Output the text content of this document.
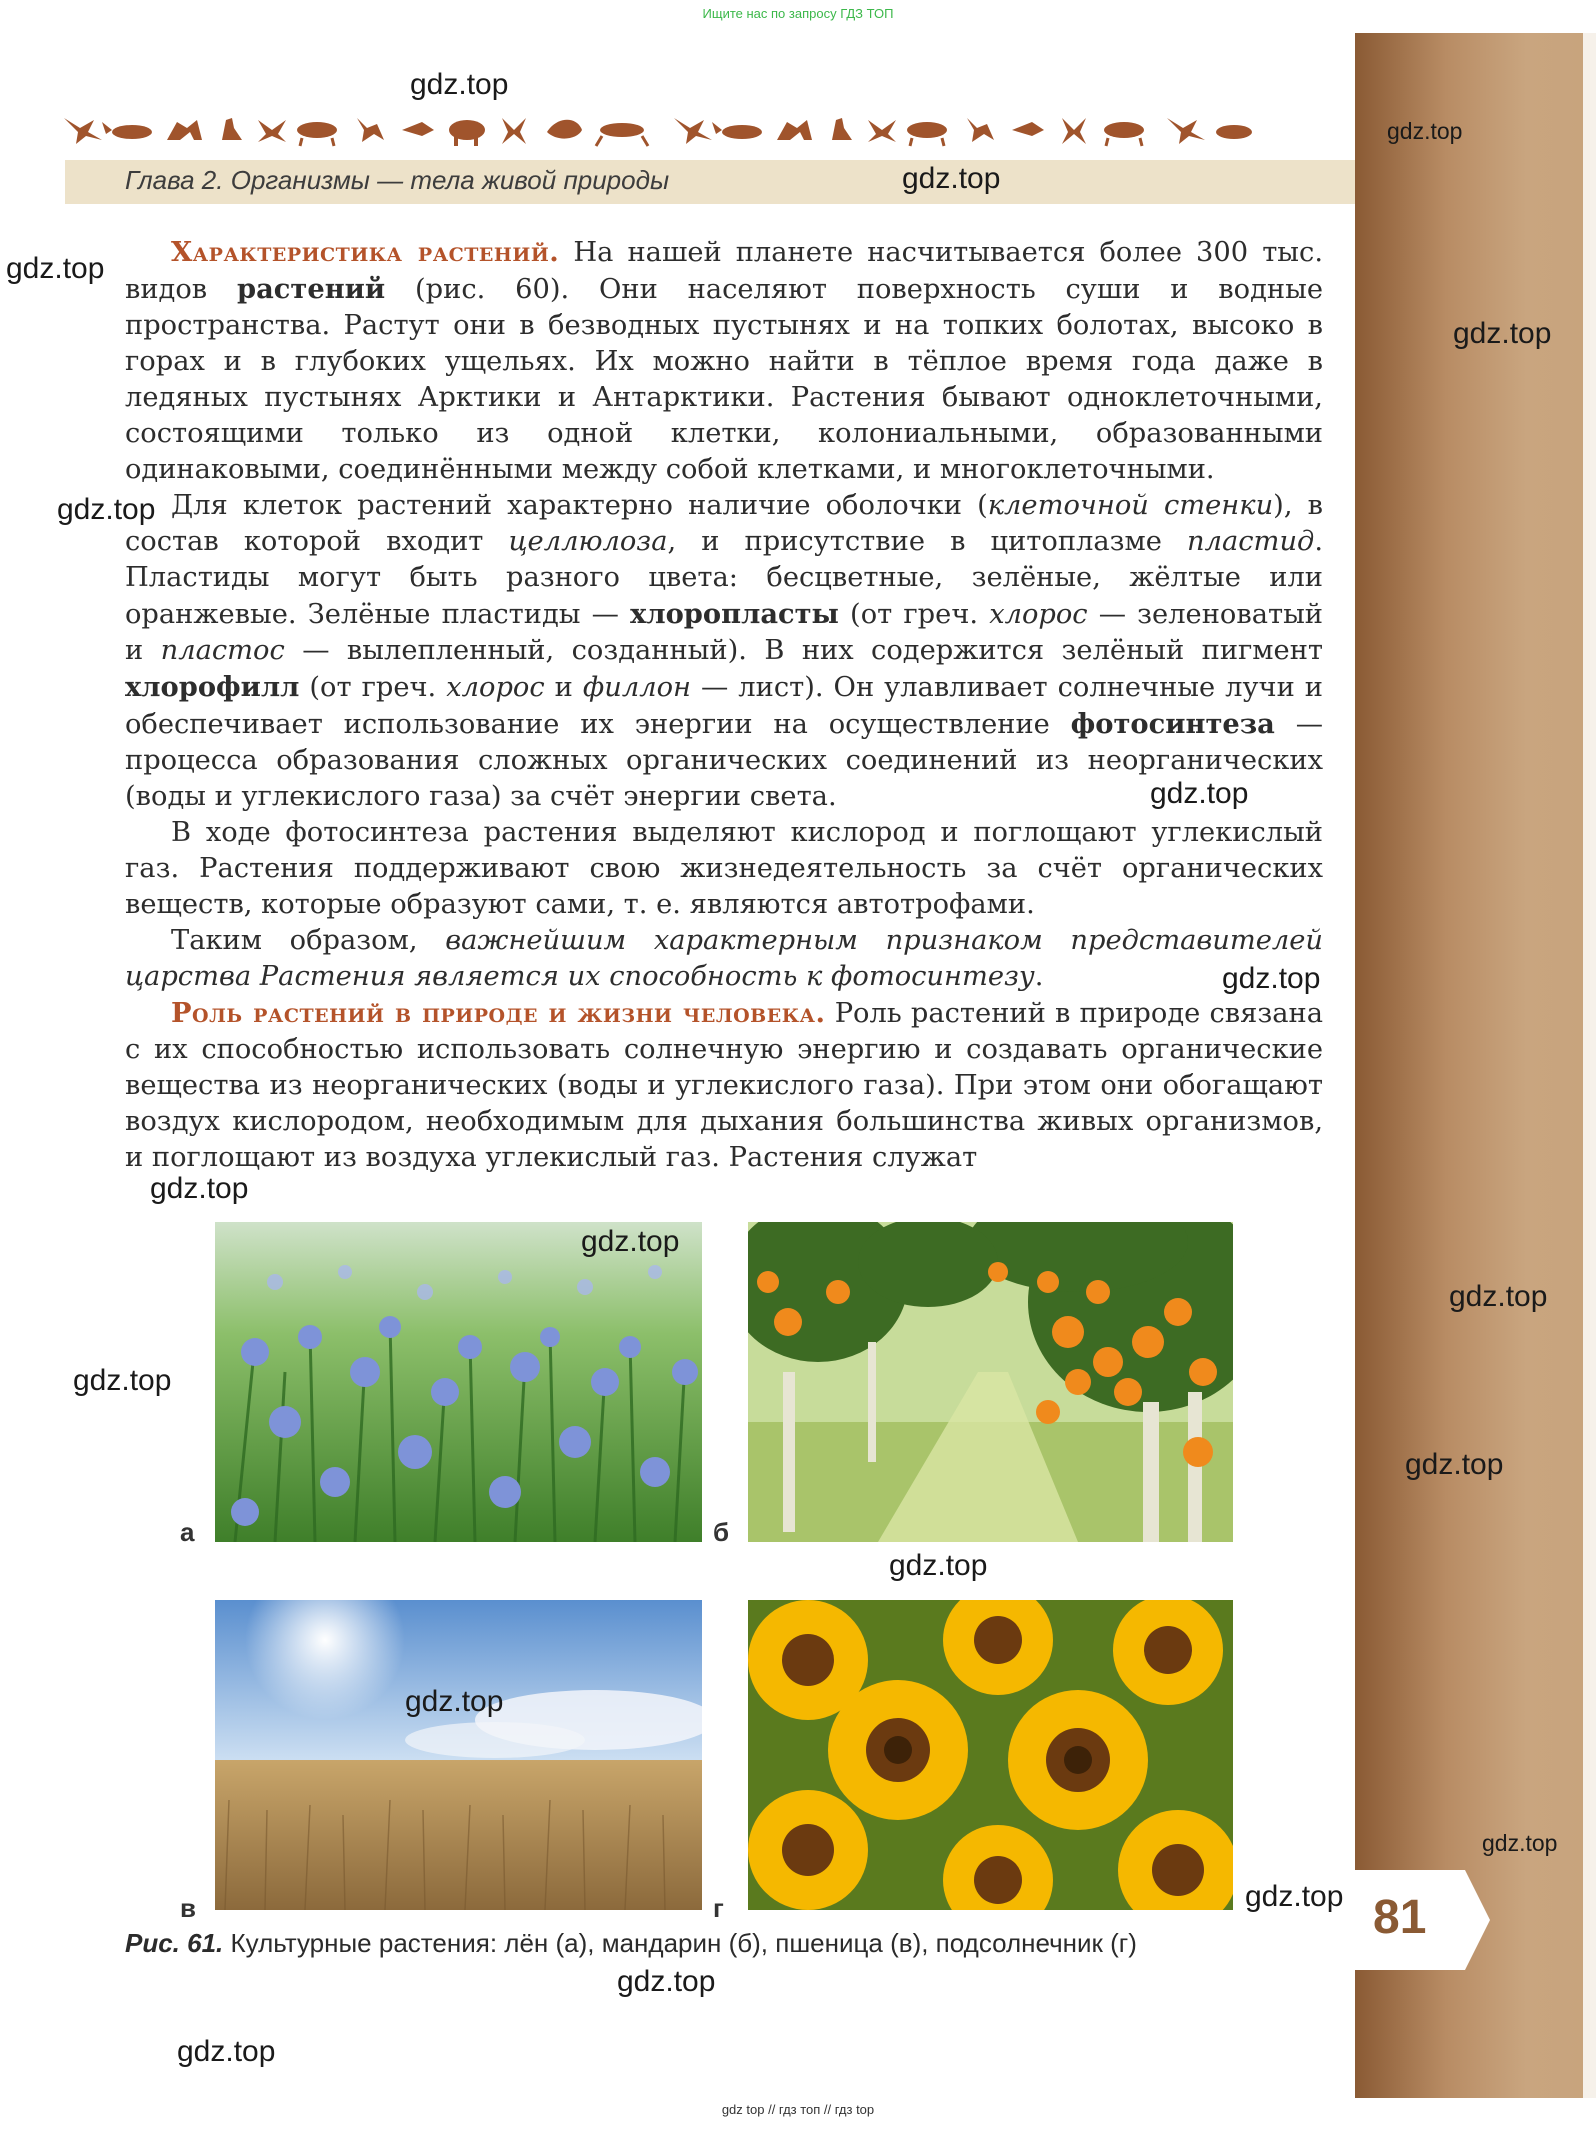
Ищите нас по запросу ГДЗ ТОП
Глава 2. Организмы — тела живой природы

Характеристика растений. На нашей планете насчитывается более 300 тыс. видов растений (рис. 60). Они населяют поверхность суши и водные пространства. Растут они в безводных пустынях и на топких болотах, высоко в горах и в глубоких ущельях. Их можно найти в тёплое время года даже в ледяных пустынях Арктики и Антарктики. Растения бывают одноклеточными, состоящими только из одной клетки, колониальными, образованными одинаковыми, соединёнными между собой клетками, и многоклеточными.

Для клеток растений характерно наличие оболочки (клеточной стенки), в состав которой входит целлюлоза, и присутствие в цитоплазме пластид. Пластиды могут быть разного цвета: бесцветные, зелёные, жёлтые или оранжевые. Зелёные пластиды — хлоропласты (от греч. хлорос — зеленоватый и пластос — вылепленный, созданный). В них содержится зелёный пигмент хлорофилл (от греч. хлорос и филлон — лист). Он улавливает солнечные лучи и обеспечивает использование их энергии на осуществление фотосинтеза — процесса образования сложных органических соединений из неорганических (воды и углекислого газа) за счёт энергии света.

В ходе фотосинтеза растения выделяют кислород и поглощают углекислый газ. Растения поддерживают свою жизнедеятельность за счёт органических веществ, которые образуют сами, т. е. являются автотрофами.

Таким образом, важнейшим характерным признаком представителей царства Растения является их способность к фотосинтезу.

Роль растений в природе и жизни человека. Роль растений в природе связана с их способностью использовать солнечную энергию и создавать органические вещества из неорганических (воды и углекислого газа). При этом они обогащают воздух кислородом, необходимым для дыхания большинства живых организмов, и поглощают из воздуха углекислый газ. Растения служат

а	б
в	г
Рис. 61. Культурные растения: лён (а), мандарин (б), пшеница (в), подсолнечник (г)	81
gdz.top
gdz.top
gdz.top
gdz.top
gdz.top
gdz.top
gdz.top
gdz.top
gdz.top
gdz.top
gdz.top
gdz.top
gdz.top
gdz.top
gdz.top
gdz.top
gdz.top
gdz.top
gdz.top
gdz top // гдз топ // гдз top
